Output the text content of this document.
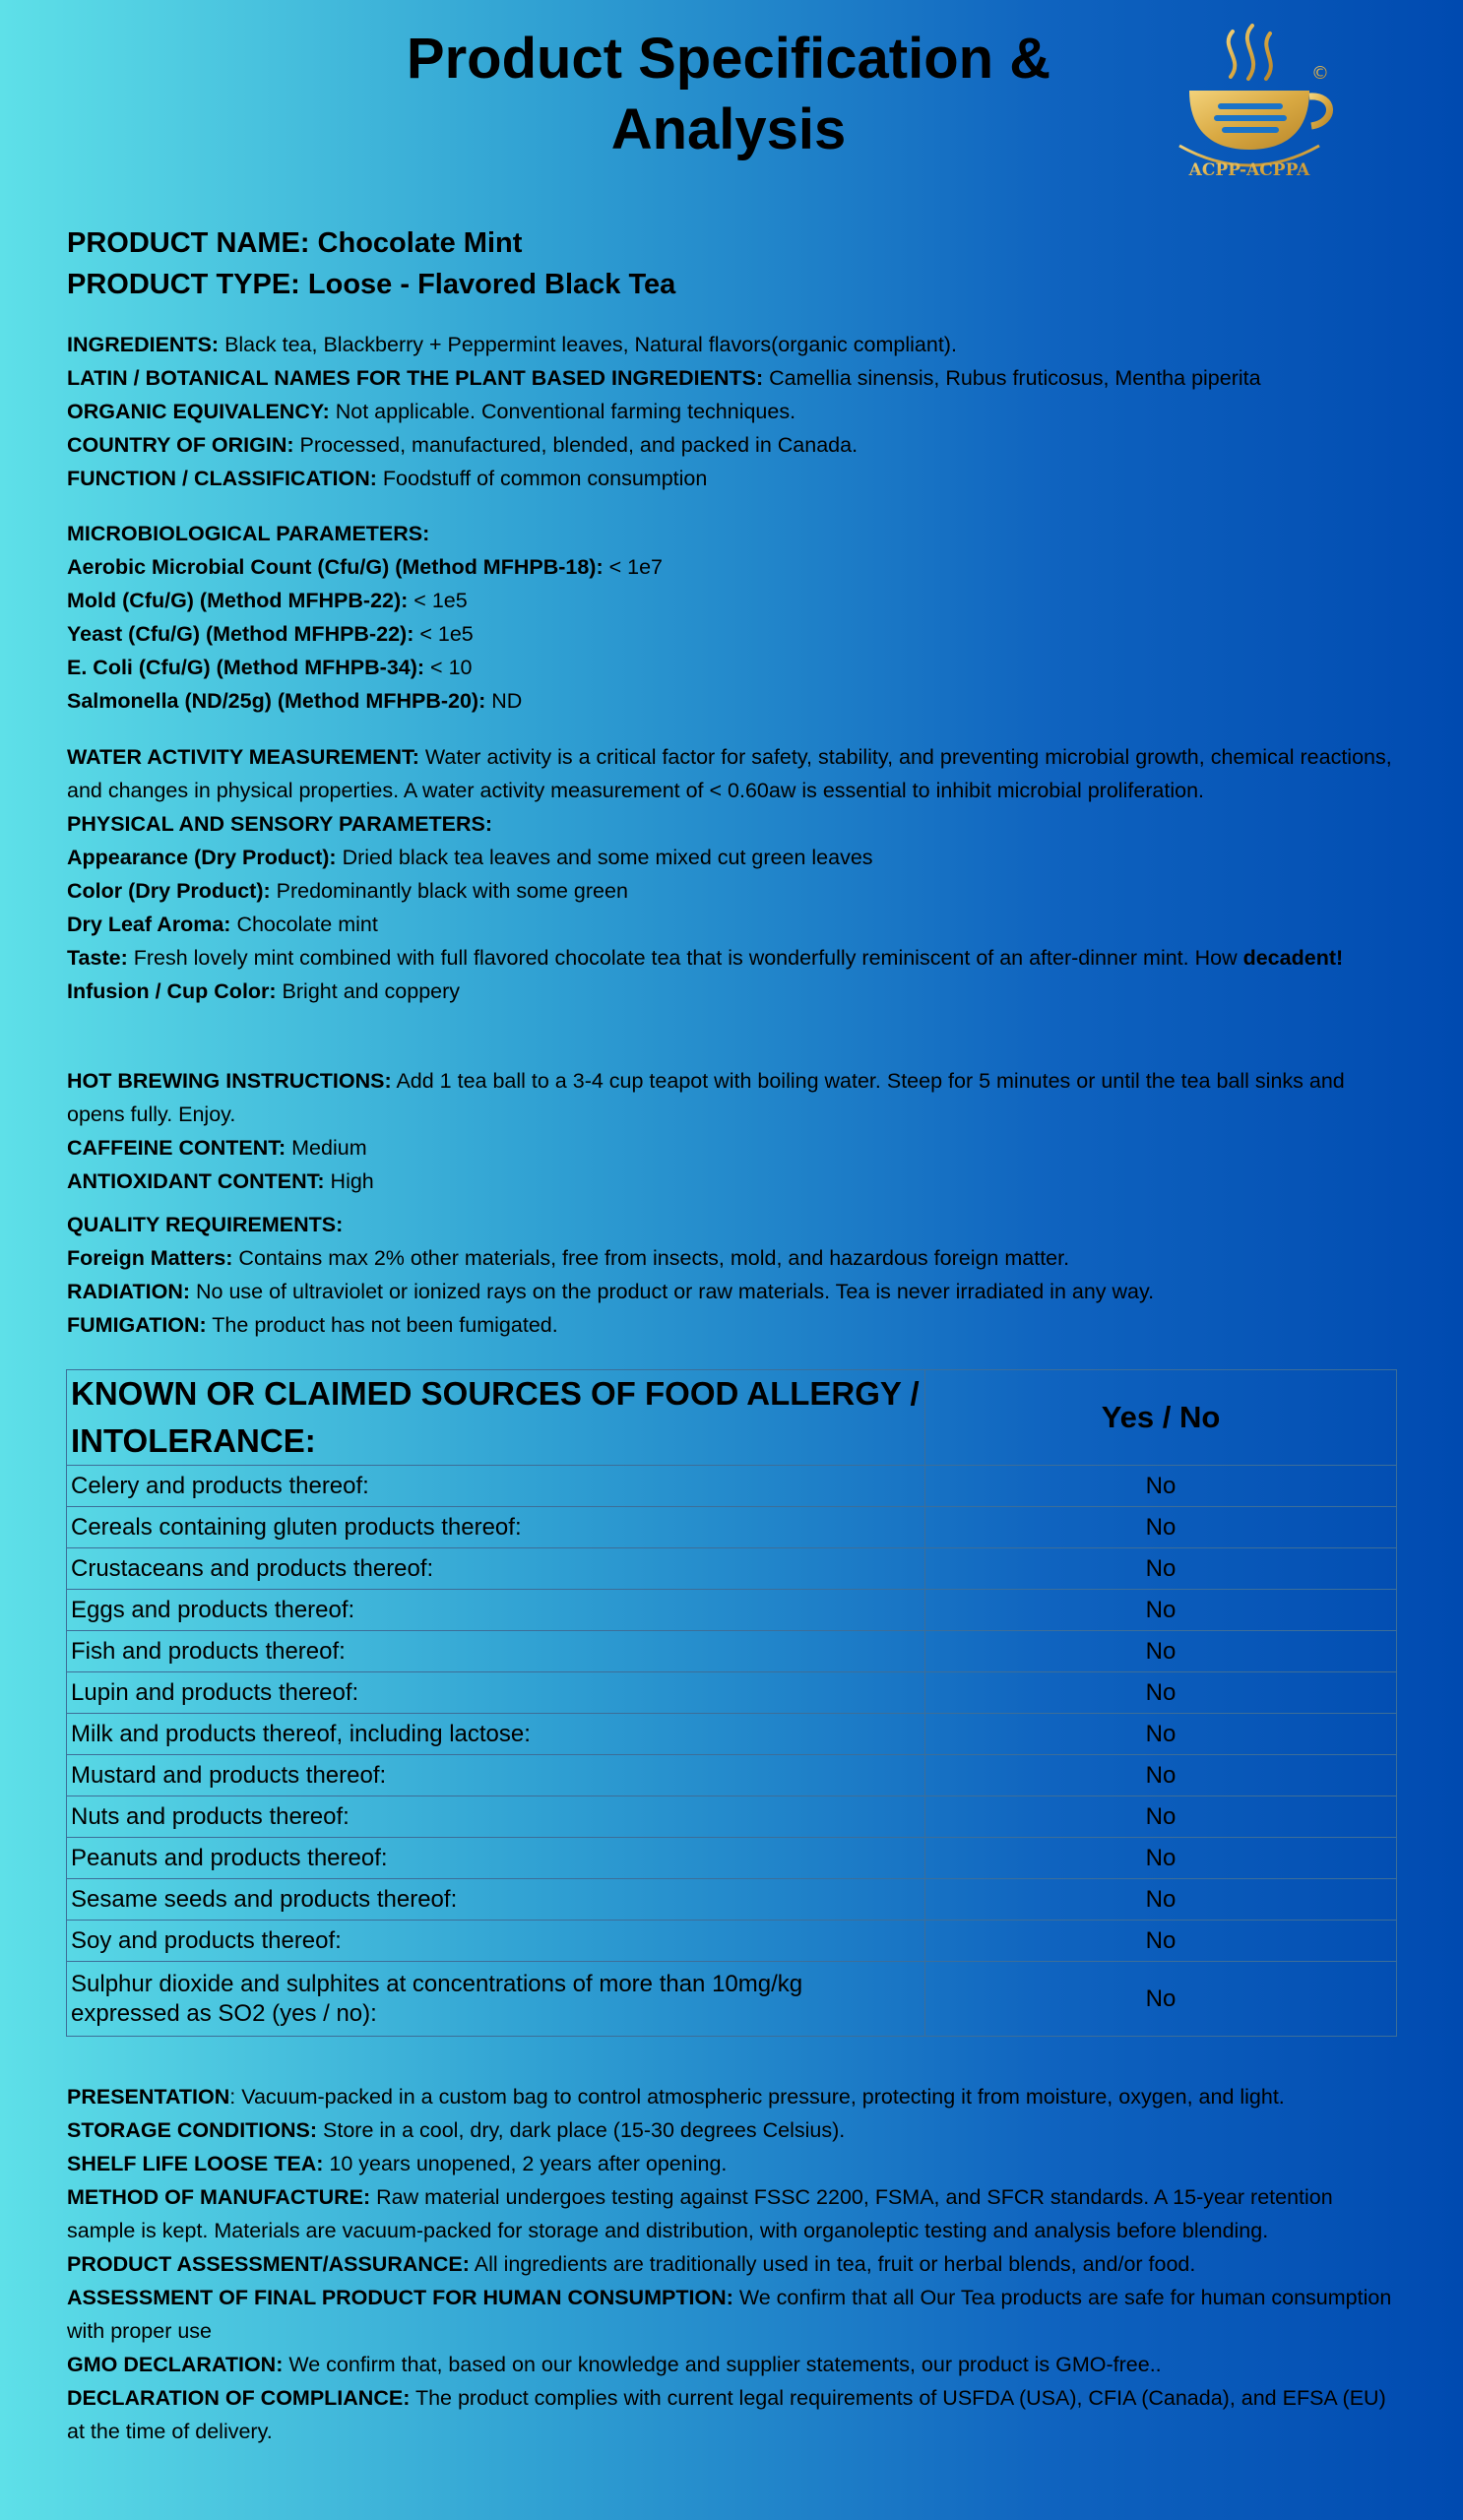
Product Specification &
Analysis
ACPP-ACPPA
©
PRODUCT NAME: Chocolate Mint
PRODUCT TYPE: Loose - Flavored Black Tea

INGREDIENTS: Black tea, Blackberry + Peppermint leaves, Natural flavors(organic compliant).

LATIN / BOTANICAL NAMES FOR THE PLANT BASED INGREDIENTS: Camellia sinensis, Rubus fruticosus, Mentha piperita

ORGANIC EQUIVALENCY: Not applicable. Conventional farming techniques.

COUNTRY OF ORIGIN: Processed, manufactured, blended, and packed in Canada.

FUNCTION / CLASSIFICATION: Foodstuff of common consumption

MICROBIOLOGICAL PARAMETERS:

Aerobic Microbial Count (Cfu/G) (Method MFHPB-18): < 1e7

Mold (Cfu/G) (Method MFHPB-22): < 1e5

Yeast (Cfu/G) (Method MFHPB-22): < 1e5

E. Coli (Cfu/G) (Method MFHPB-34): < 10

Salmonella (ND/25g) (Method MFHPB-20): ND

WATER ACTIVITY MEASUREMENT: Water activity is a critical factor for safety, stability, and preventing microbial growth, chemical reactions, and changes in physical properties. A water activity measurement of < 0.60aw is essential to inhibit microbial proliferation.

PHYSICAL AND SENSORY PARAMETERS:

Appearance (Dry Product): Dried black tea leaves and some mixed cut green leaves

Color (Dry Product): Predominantly black with some green

Dry Leaf Aroma: Chocolate mint

Taste: Fresh lovely mint combined with full flavored chocolate tea that is wonderfully reminiscent of an after-dinner mint. How decadent! Infusion / Cup Color: Bright and coppery

HOT BREWING INSTRUCTIONS: Add 1 tea ball to a 3-4 cup teapot with boiling water. Steep for 5 minutes or until the tea ball sinks and opens fully. Enjoy.

CAFFEINE CONTENT: Medium

ANTIOXIDANT CONTENT: High

QUALITY REQUIREMENTS:

Foreign Matters: Contains max 2% other materials, free from insects, mold, and hazardous foreign matter.

RADIATION: No use of ultraviolet or ionized rays on the product or raw materials. Tea is never irradiated in any way.

FUMIGATION: The product has not been fumigated.

KNOWN OR CLAIMED SOURCES OF FOOD ALLERGY / INTOLERANCE:	Yes / No
Celery and products thereof:	No
Cereals containing gluten products thereof:	No
Crustaceans and products thereof:	No
Eggs and products thereof:	No
Fish and products thereof:	No
Lupin and products thereof:	No
Milk and products thereof, including lactose:	No
Mustard and products thereof:	No
Nuts and products thereof:	No
Peanuts and products thereof:	No
Sesame seeds and products thereof:	No
Soy and products thereof:	No
Sulphur dioxide and sulphites at concentrations of more than 10mg/kg expressed as SO2 (yes / no):	No

PRESENTATION: Vacuum-packed in a custom bag to control atmospheric pressure, protecting it from moisture, oxygen, and light.

STORAGE CONDITIONS: Store in a cool, dry, dark place (15-30 degrees Celsius).

SHELF LIFE LOOSE TEA: 10 years unopened, 2 years after opening.

METHOD OF MANUFACTURE: Raw material undergoes testing against FSSC 2200, FSMA, and SFCR standards. A 15-year retention sample is kept. Materials are vacuum-packed for storage and distribution, with organoleptic testing and analysis before blending.

PRODUCT ASSESSMENT/ASSURANCE: All ingredients are traditionally used in tea, fruit or herbal blends, and/or food.

ASSESSMENT OF FINAL PRODUCT FOR HUMAN CONSUMPTION: We confirm that all Our Tea products are safe for human consumption with proper use

GMO DECLARATION: We confirm that, based on our knowledge and supplier statements, our product is GMO-free..

DECLARATION OF COMPLIANCE: The product complies with current legal requirements of USFDA (USA), CFIA (Canada), and EFSA (EU) at the time of delivery.
